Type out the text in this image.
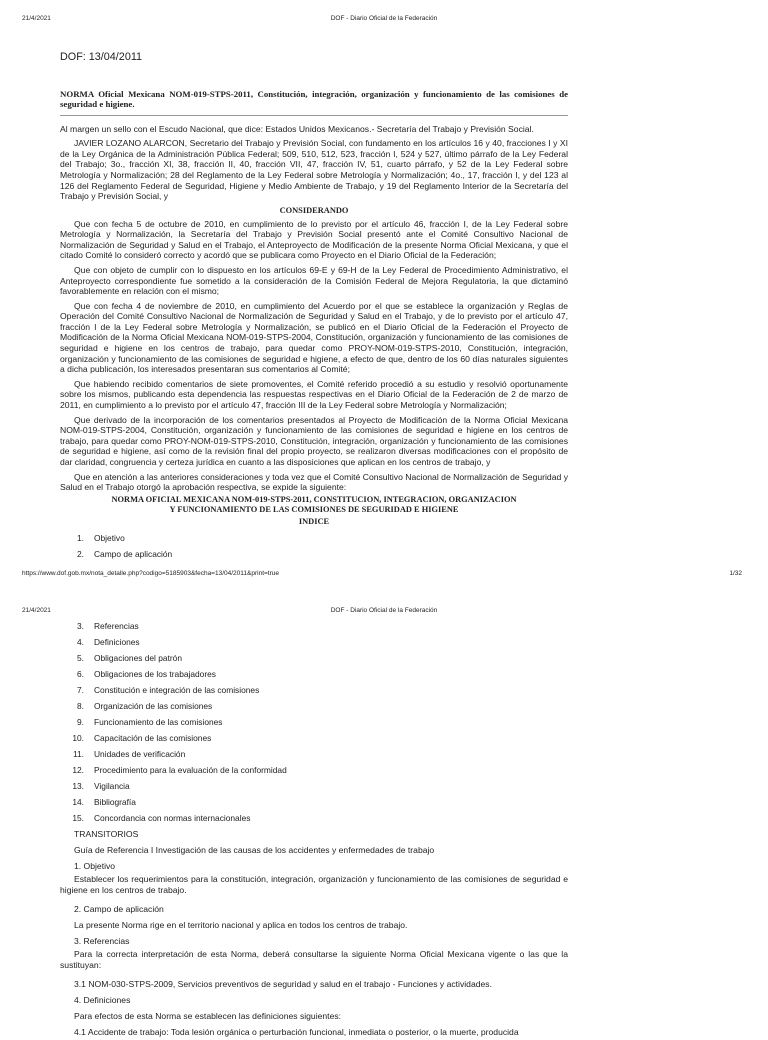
21/4/2021	DOF - Diario Oficial de la Federación
DOF: 13/04/2011
NORMA Oficial Mexicana NOM-019-STPS-2011, Constitución, integración, organización y funcionamiento de las comisiones de seguridad e higiene.

Al margen un sello con el Escudo Nacional, que dice: Estados Unidos Mexicanos.- Secretaría del Trabajo y Previsión Social.

JAVIER LOZANO ALARCON, Secretario del Trabajo y Previsión Social, con fundamento en los artículos 16 y 40, fracciones I y XI de la Ley Orgánica de la Administración Pública Federal; 509, 510, 512, 523, fracción I, 524 y 527, último párrafo de la Ley Federal del Trabajo; 3o., fracción XI, 38, fracción II, 40, fracción VII, 47, fracción IV, 51, cuarto párrafo, y 52 de la Ley Federal sobre Metrología y Normalización; 28 del Reglamento de la Ley Federal sobre Metrología y Normalización; 4o., 17, fracción I, y del 123 al 126 del Reglamento Federal de Seguridad, Higiene y Medio Ambiente de Trabajo, y 19 del Reglamento Interior de la Secretaría del Trabajo y Previsión Social, y

CONSIDERANDO

Que con fecha 5 de octubre de 2010, en cumplimiento de lo previsto por el artículo 46, fracción I, de la Ley Federal sobre Metrología y Normalización, la Secretaría del Trabajo y Previsión Social presentó ante el Comité Consultivo Nacional de Normalización de Seguridad y Salud en el Trabajo, el Anteproyecto de Modificación de la presente Norma Oficial Mexicana, y que el citado Comité lo consideró correcto y acordó que se publicara como Proyecto en el Diario Oficial de la Federación;

Que con objeto de cumplir con lo dispuesto en los artículos 69-E y 69-H de la Ley Federal de Procedimiento Administrativo, el Anteproyecto correspondiente fue sometido a la consideración de la Comisión Federal de Mejora Regulatoria, la que dictaminó favorablemente en relación con el mismo;

Que con fecha 4 de noviembre de 2010, en cumplimiento del Acuerdo por el que se establece la organización y Reglas de Operación del Comité Consultivo Nacional de Normalización de Seguridad y Salud en el Trabajo, y de lo previsto por el artículo 47, fracción I de la Ley Federal sobre Metrología y Normalización, se publicó en el Diario Oficial de la Federación el Proyecto de Modificación de la Norma Oficial Mexicana NOM-019-STPS-2004, Constitución, organización y funcionamiento de las comisiones de seguridad e higiene en los centros de trabajo, para quedar como PROY-NOM-019-STPS-2010, Constitución, integración, organización y funcionamiento de las comisiones de seguridad e higiene, a efecto de que, dentro de los 60 días naturales siguientes a dicha publicación, los interesados presentaran sus comentarios al Comité;

Que habiendo recibido comentarios de siete promoventes, el Comité referido procedió a su estudio y resolvió oportunamente sobre los mismos, publicando esta dependencia las respuestas respectivas en el Diario Oficial de la Federación de 2 de marzo de 2011, en cumplimiento a lo previsto por el artículo 47, fracción III de la Ley Federal sobre Metrología y Normalización;

Que derivado de la incorporación de los comentarios presentados al Proyecto de Modificación de la Norma Oficial Mexicana NOM-019-STPS-2004, Constitución, organización y funcionamiento de las comisiones de seguridad e higiene en los centros de trabajo, para quedar como PROY-NOM-019-STPS-2010, Constitución, integración, organización y funcionamiento de las comisiones de seguridad e higiene, así como de la revisión final del propio proyecto, se realizaron diversas modificaciones con el propósito de dar claridad, congruencia y certeza jurídica en cuanto a las disposiciones que aplican en los centros de trabajo, y

Que en atención a las anteriores consideraciones y toda vez que el Comité Consultivo Nacional de Normalización de Seguridad y Salud en el Trabajo otorgó la aprobación respectiva, se expide la siguiente:

NORMA OFICIAL MEXICANA NOM-019-STPS-2011, CONSTITUCION, INTEGRACION, ORGANIZACION
Y FUNCIONAMIENTO DE LAS COMISIONES DE SEGURIDAD E HIGIENE
INDICE
1. Objetivo
2. Campo de aplicación
https://www.dof.gob.mx/nota_detalle.php?codigo=5185903&fecha=13/04/2011&print=true	1/32
21/4/2021	DOF - Diario Oficial de la Federación
3. Referencias
4. Definiciones
5. Obligaciones del patrón
6. Obligaciones de los trabajadores
7. Constitución e integración de las comisiones
8. Organización de las comisiones
9. Funcionamiento de las comisiones
10. Capacitación de las comisiones
11. Unidades de verificación
12. Procedimiento para la evaluación de la conformidad
13. Vigilancia
14. Bibliografía
15. Concordancia con normas internacionales
TRANSITORIOS
Guía de Referencia I Investigación de las causas de los accidentes y enfermedades de trabajo
1. Objetivo

Establecer los requerimientos para la constitución, integración, organización y funcionamiento de las comisiones de seguridad e higiene en los centros de trabajo.

2. Campo de aplicación
La presente Norma rige en el territorio nacional y aplica en todos los centros de trabajo.
3. Referencias

Para la correcta interpretación de esta Norma, deberá consultarse la siguiente Norma Oficial Mexicana vigente o las que la sustituyan:

3.1 NOM-030-STPS-2009, Servicios preventivos de seguridad y salud en el trabajo - Funciones y actividades.
4. Definiciones
Para efectos de esta Norma se establecen las definiciones siguientes:
4.1 Accidente de trabajo: Toda lesión orgánica o perturbación funcional, inmediata o posterior, o la muerte, producida
